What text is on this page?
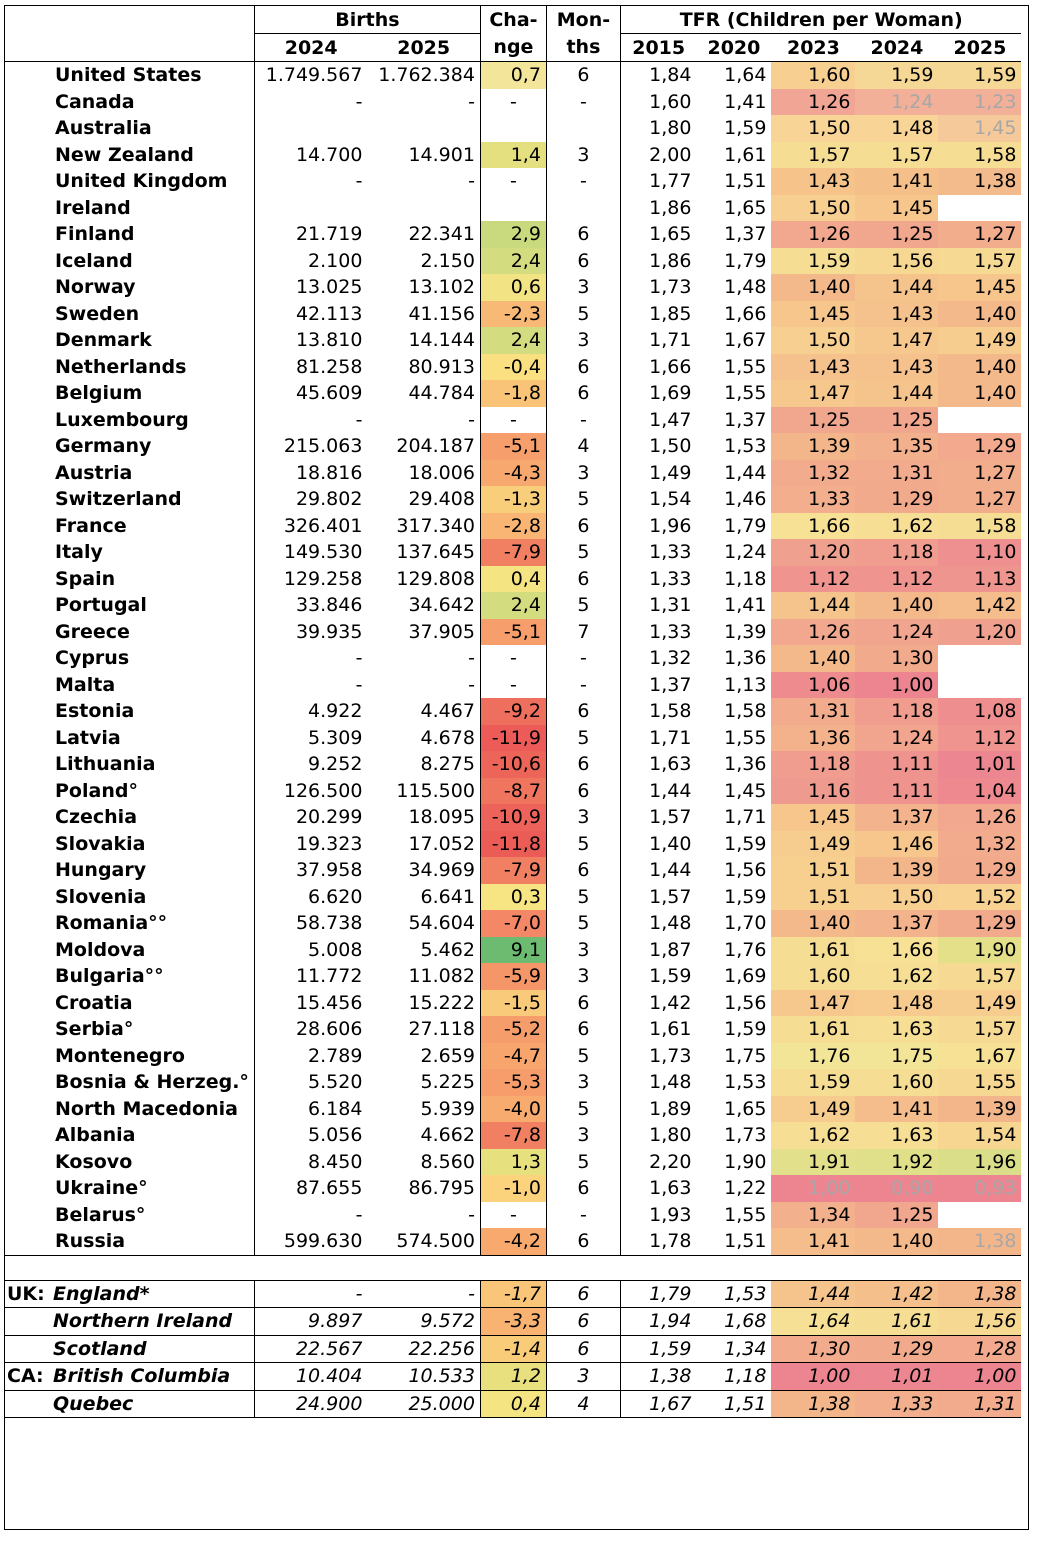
	Births		Cha-	Mon-	TFR (Children per Woman)				
	2024	2025	nge	ths	2015	2020	2023	2024	2025
United States	1.749.567	1.762.384	0,7	6	1,84	1,64	1,60	1,59	1,59
Canada	-	-	-	-	1,60	1,41	1,26	1,24	1,23
Australia					1,80	1,59	1,50	1,48	1,45
New Zealand	14.700	14.901	1,4	3	2,00	1,61	1,57	1,57	1,58
United Kingdom	-	-	-	-	1,77	1,51	1,43	1,41	1,38
Ireland					1,86	1,65	1,50	1,45	
Finland	21.719	22.341	2,9	6	1,65	1,37	1,26	1,25	1,27
Iceland	2.100	2.150	2,4	6	1,86	1,79	1,59	1,56	1,57
Norway	13.025	13.102	0,6	3	1,73	1,48	1,40	1,44	1,45
Sweden	42.113	41.156	-2,3	5	1,85	1,66	1,45	1,43	1,40
Denmark	13.810	14.144	2,4	3	1,71	1,67	1,50	1,47	1,49
Netherlands	81.258	80.913	-0,4	6	1,66	1,55	1,43	1,43	1,40
Belgium	45.609	44.784	-1,8	6	1,69	1,55	1,47	1,44	1,40
Luxembourg	-	-	-	-	1,47	1,37	1,25	1,25	
Germany	215.063	204.187	-5,1	4	1,50	1,53	1,39	1,35	1,29
Austria	18.816	18.006	-4,3	3	1,49	1,44	1,32	1,31	1,27
Switzerland	29.802	29.408	-1,3	5	1,54	1,46	1,33	1,29	1,27
France	326.401	317.340	-2,8	6	1,96	1,79	1,66	1,62	1,58
Italy	149.530	137.645	-7,9	5	1,33	1,24	1,20	1,18	1,10
Spain	129.258	129.808	0,4	6	1,33	1,18	1,12	1,12	1,13
Portugal	33.846	34.642	2,4	5	1,31	1,41	1,44	1,40	1,42
Greece	39.935	37.905	-5,1	7	1,33	1,39	1,26	1,24	1,20
Cyprus	-	-	-	-	1,32	1,36	1,40	1,30	
Malta	-	-	-	-	1,37	1,13	1,06	1,00	
Estonia	4.922	4.467	-9,2	6	1,58	1,58	1,31	1,18	1,08
Latvia	5.309	4.678	-11,9	5	1,71	1,55	1,36	1,24	1,12
Lithuania	9.252	8.275	-10,6	6	1,63	1,36	1,18	1,11	1,01
Poland°	126.500	115.500	-8,7	6	1,44	1,45	1,16	1,11	1,04
Czechia	20.299	18.095	-10,9	3	1,57	1,71	1,45	1,37	1,26
Slovakia	19.323	17.052	-11,8	5	1,40	1,59	1,49	1,46	1,32
Hungary	37.958	34.969	-7,9	6	1,44	1,56	1,51	1,39	1,29
Slovenia	6.620	6.641	0,3	5	1,57	1,59	1,51	1,50	1,52
Romania°°	58.738	54.604	-7,0	5	1,48	1,70	1,40	1,37	1,29
Moldova	5.008	5.462	9,1	3	1,87	1,76	1,61	1,66	1,90
Bulgaria°°	11.772	11.082	-5,9	3	1,59	1,69	1,60	1,62	1,57
Croatia	15.456	15.222	-1,5	6	1,42	1,56	1,47	1,48	1,49
Serbia°	28.606	27.118	-5,2	6	1,61	1,59	1,61	1,63	1,57
Montenegro	2.789	2.659	-4,7	5	1,73	1,75	1,76	1,75	1,67
Bosnia & Herzeg.°	5.520	5.225	-5,3	3	1,48	1,53	1,59	1,60	1,55
North Macedonia	6.184	5.939	-4,0	5	1,89	1,65	1,49	1,41	1,39
Albania	5.056	4.662	-7,8	3	1,80	1,73	1,62	1,63	1,54
Kosovo	8.450	8.560	1,3	5	2,20	1,90	1,91	1,92	1,96
Ukraine°	87.655	86.795	-1,0	6	1,63	1,22	1,00	0,90	0,93
Belarus°	-	-	-	-	1,93	1,55	1,34	1,25	
Russia	599.630	574.500	-4,2	6	1,78	1,51	1,41	1,40	1,38

UK: England*	-	-	-1,7	6	1,79	1,53	1,44	1,42	1,38
Northern Ireland	9.897	9.572	-3,3	6	1,94	1,68	1,64	1,61	1,56
Scotland	22.567	22.256	-1,4	6	1,59	1,34	1,30	1,29	1,28
CA: British Columbia	10.404	10.533	1,2	3	1,38	1,18	1,00	1,01	1,00
Quebec	24.900	25.000	0,4	4	1,67	1,51	1,38	1,33	1,31
